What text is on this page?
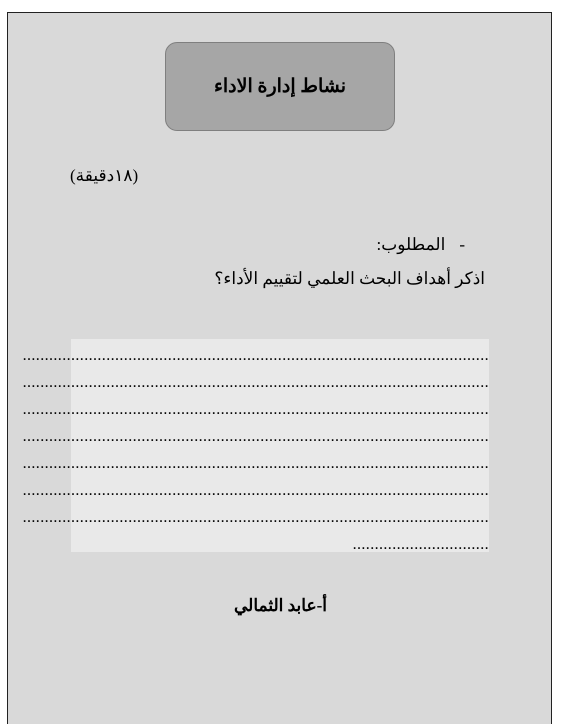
نشاط إدارة الاداء
(١٨دقيقة)
-المطلوب:
اذكر أهداف البحث العلمي لتقييم الأداء؟
..........................................................................................................
..........................................................................................................
..........................................................................................................
..........................................................................................................
..........................................................................................................
..........................................................................................................
..........................................................................................................
...............................
أ-عابد الثمالي
